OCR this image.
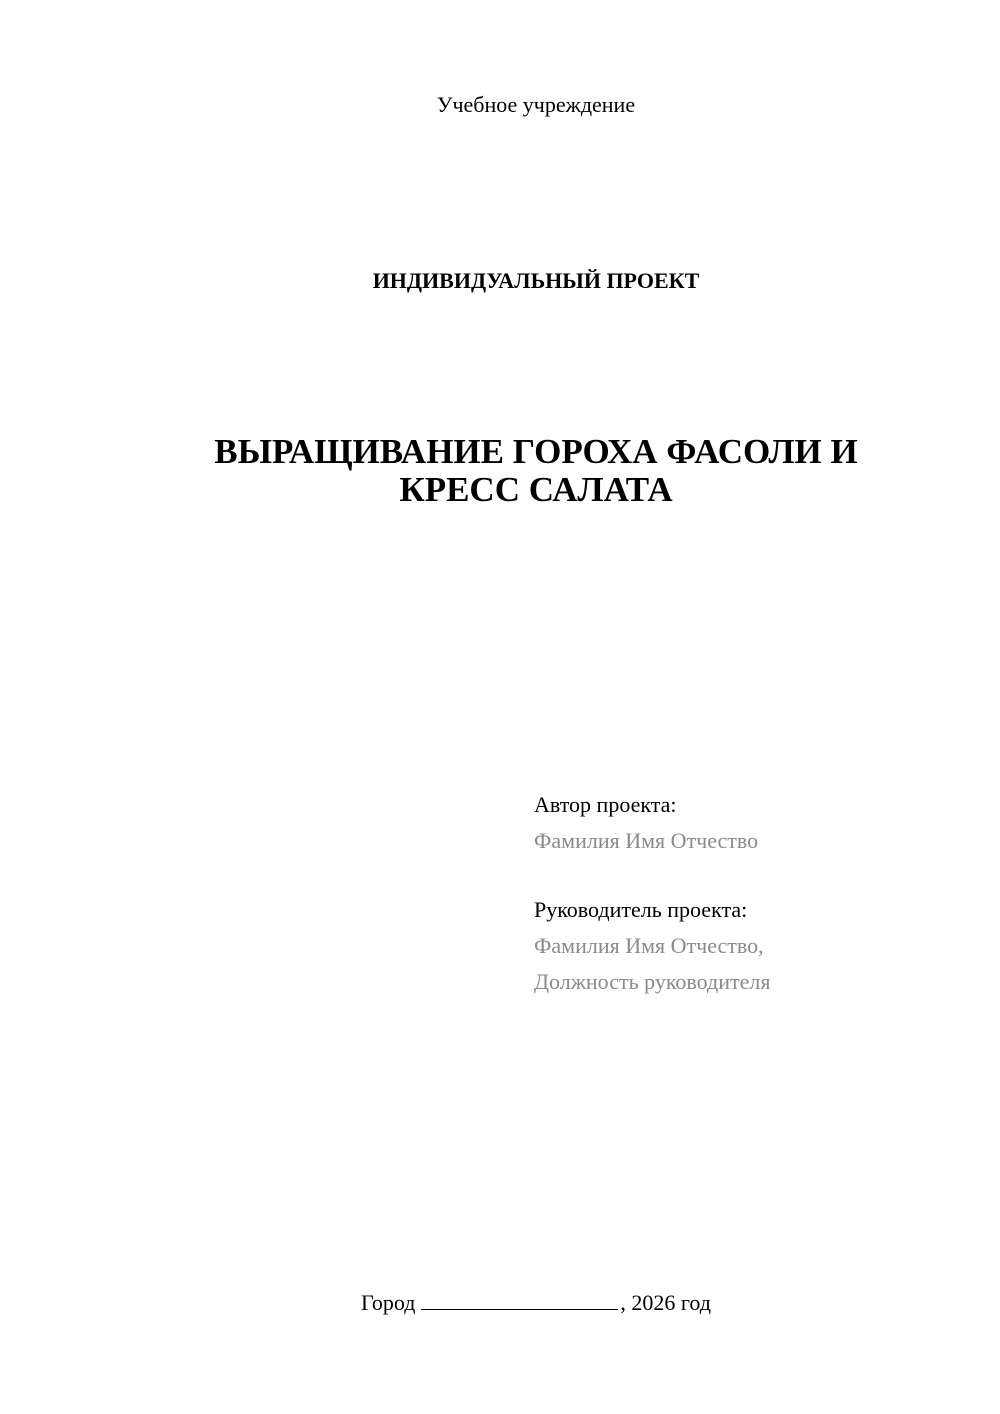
Учебное учреждение
ИНДИВИДУАЛЬНЫЙ ПРОЕКТ
ВЫРАЩИВАНИЕ ГОРОХА ФАСОЛИ И
КРЕСС САЛАТА
Автор проекта:
Фамилия Имя Отчество
Руководитель проекта:
Фамилия Имя Отчество,
Должность руководителя
Город	, 2026 год
